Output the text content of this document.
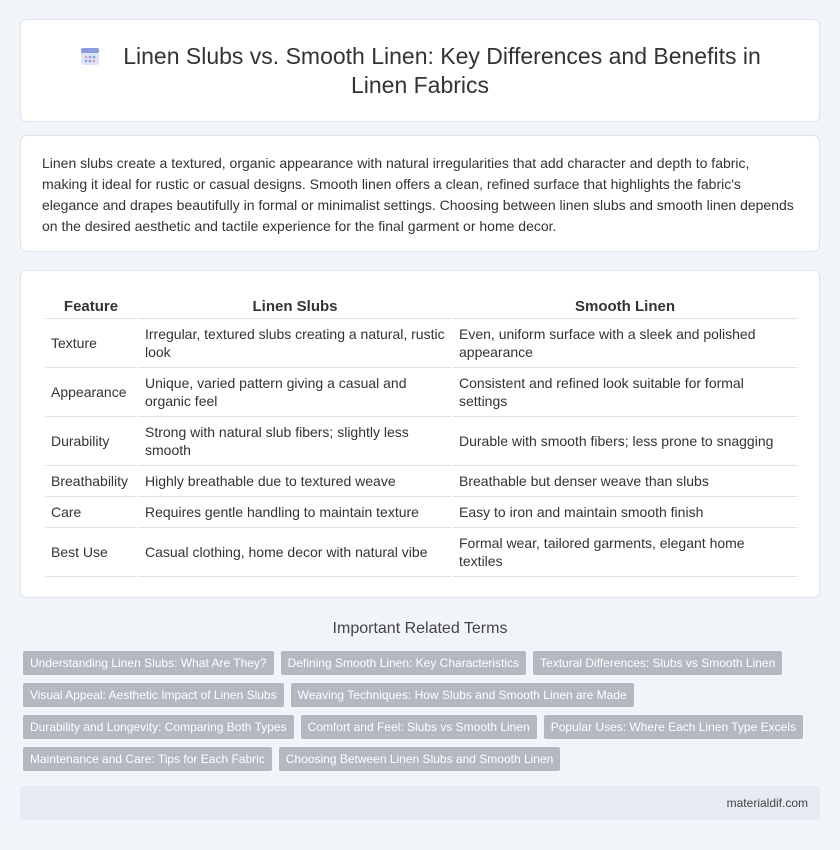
Linen Slubs vs. Smooth Linen: Key Differences and Benefits in Linen Fabrics

Linen slubs create a textured, organic appearance with natural irregularities that add character and depth to fabric, making it ideal for rustic or casual designs. Smooth linen offers a clean, refined surface that highlights the fabric's elegance and drapes beautifully in formal or minimalist settings. Choosing between linen slubs and smooth linen depends on the desired aesthetic and tactile experience for the final garment or home decor.

Feature	Linen Slubs	Smooth Linen
Texture	Irregular, textured slubs creating a natural, rustic look	Even, uniform surface with a sleek and polished appearance
Appearance	Unique, varied pattern giving a casual and organic feel	Consistent and refined look suitable for formal settings
Durability	Strong with natural slub fibers; slightly less smooth	Durable with smooth fibers; less prone to snagging
Breathability	Highly breathable due to textured weave	Breathable but denser weave than slubs
Care	Requires gentle handling to maintain texture	Easy to iron and maintain smooth finish
Best Use	Casual clothing, home decor with natural vibe	Formal wear, tailored garments, elegant home textiles
Important Related Terms
Understanding Linen Slubs: What Are They?	Defining Smooth Linen: Key Characteristics	Textural Differences: Slubs vs Smooth Linen
Visual Appeal: Aesthetic Impact of Linen Slubs	Weaving Techniques: How Slubs and Smooth Linen are Made
Durability and Longevity: Comparing Both Types	Comfort and Feel: Slubs vs Smooth Linen	Popular Uses: Where Each Linen Type Excels
Maintenance and Care: Tips for Each Fabric	Choosing Between Linen Slubs and Smooth Linen
materialdif.com
